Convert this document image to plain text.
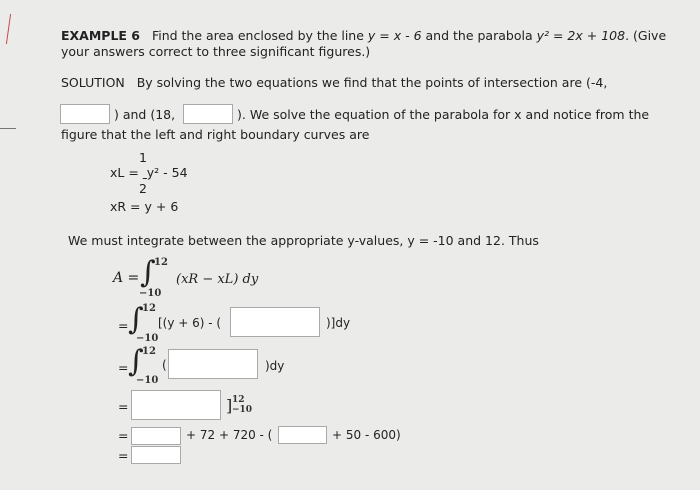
EXAMPLE 6 Find the area enclosed by the line y = x - 6 and the parabola y² = 2x + 108. (Give
your answers correct to three significant figures.)
SOLUTION By solving the two equations we find that the points of intersection are (-4,
) and (18,	). We solve the equation of the parabola for x and notice from the
figure that the left and right boundary curves are
1
xL = y² - 54
2
xR = y + 6
We must integrate between the appropriate y-values, y = -10 and 12. Thus
A = ∫
12
−10
(xR − xL) dy
= ∫
12
−10
[(y + 6) - (	)]dy
= ∫
12
−10
(	)dy
=	] 12
−10
=	+ 72 + 720 - (	+ 50 - 600)
=
